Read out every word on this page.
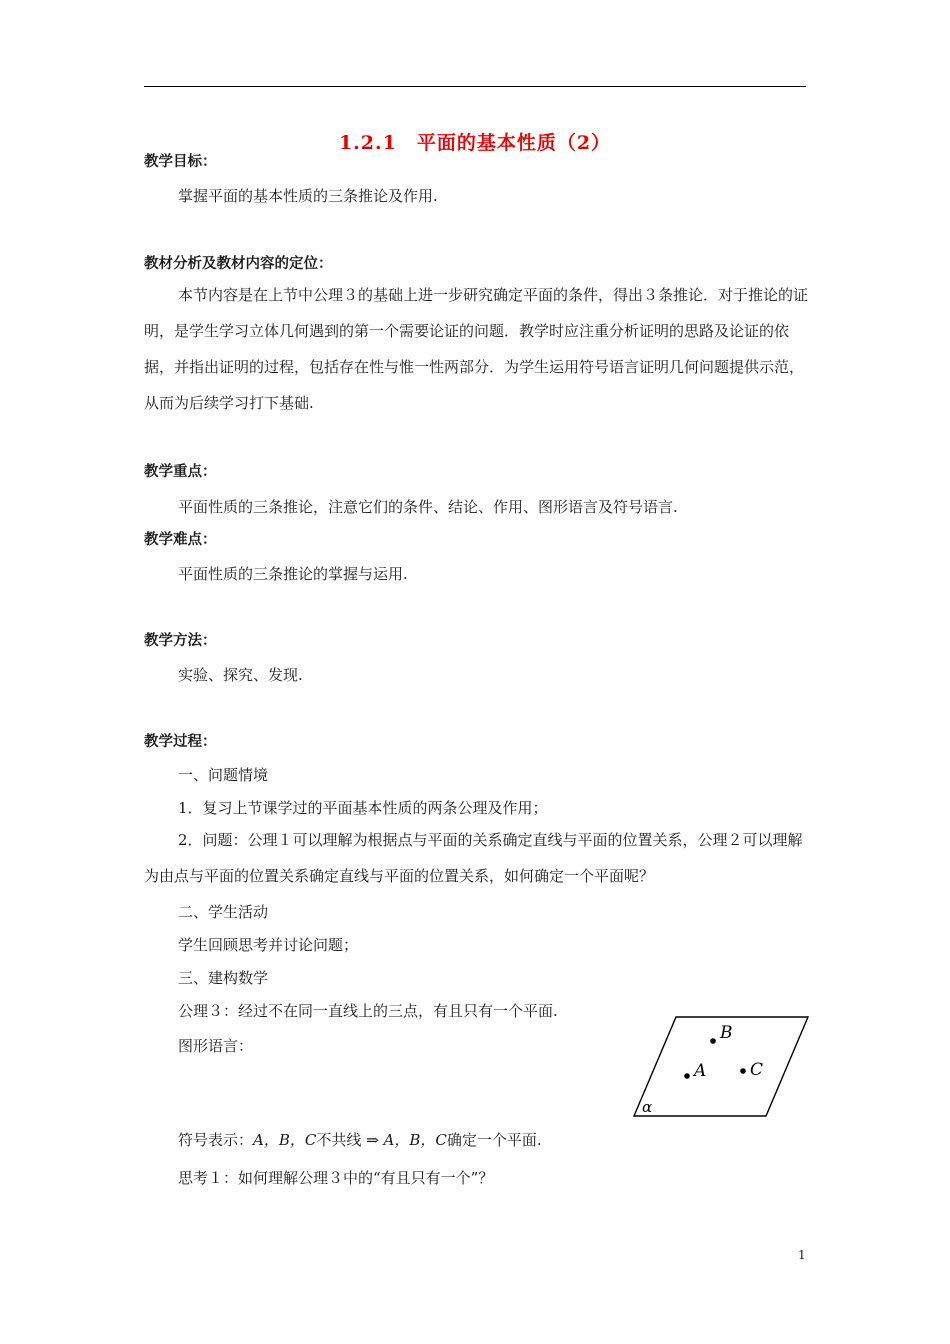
1.2.1　平面的基本性质（2）
教学目标：
掌握平面的基本性质的三条推论及作用.
教材分析及教材内容的定位：
本节内容是在上节中公理３的基础上进一步研究确定平面的条件，得出３条推论．对于推论的证明，是学生学习立体几何遇到的第一个需要论证的问题．教学时应注重分析证明的思路及论证的依据，并指出证明的过程，包括存在性与惟一性两部分．为学生运用符号语言证明几何问题提供示范，从而为后续学习打下基础.
教学重点：
平面性质的三条推论，注意它们的条件、结论、作用、图形语言及符号语言.
教学难点：
平面性质的三条推论的掌握与运用.
教学方法：
实验、探究、发现.
教学过程：
一、问题情境
1．复习上节课学过的平面基本性质的两条公理及作用；
2．问题：公理１可以理解为根据点与平面的关系确定直线与平面的位置关系，公理２可以理解为由点与平面的位置关系确定直线与平面的位置关系，如何确定一个平面呢？
二、学生活动
学生回顾思考并讨论问题；
三、建构数学
公理３：经过不在同一直线上的三点，有且只有一个平面.
图形语言：
B
A	C
α
符号表示：A，B，C不共线 ⇒ A，B，C确定一个平面.
思考１：如何理解公理３中的“有且只有一个”？
1
